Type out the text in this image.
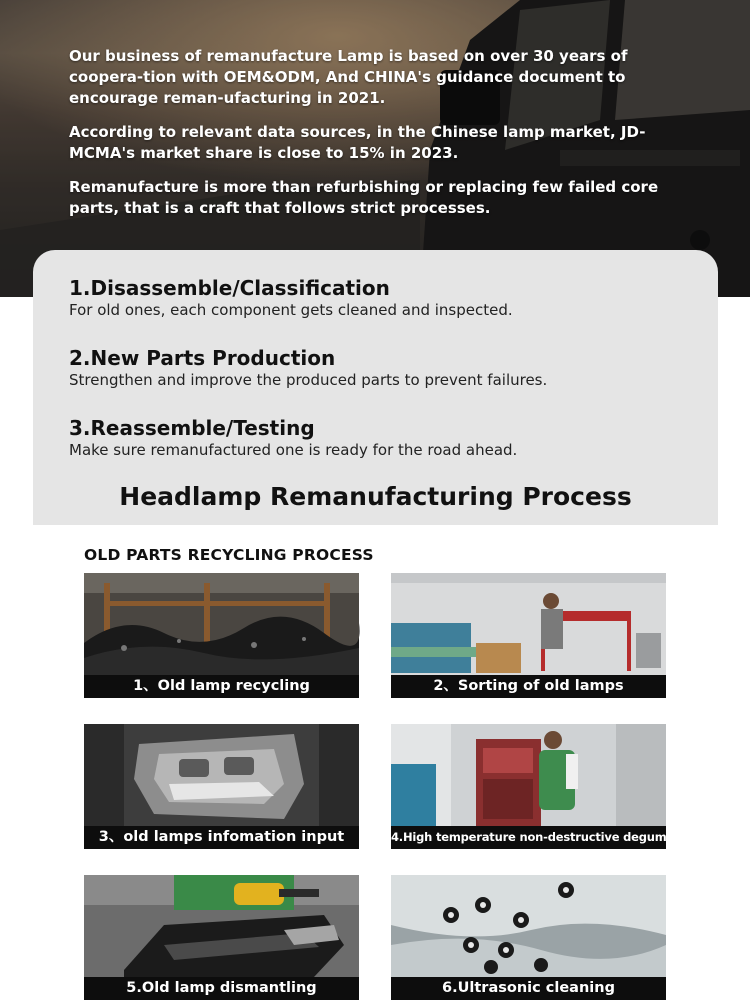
Our business of remanufacture Lamp is based on over 30 years of coopera-tion with OEM&ODM, And CHINA's guidance document to encourage reman-ufacturing in 2021.

According to relevant data sources, in the Chinese lamp market, JD-MCMA's market share is close to 15% in 2023.

Remanufacture is more than refurbishing or replacing few failed core parts, that is a craft that follows strict processes.

1.Disassemble/Classification

For old ones, each component gets cleaned and inspected.

2.New Parts Production

Strengthen and improve the produced parts to prevent failures.

3.Reassemble/Testing

Make sure remanufactured one is ready for the road ahead.

Headlamp Remanufacturing Process
OLD PARTS RECYCLING PROCESS
1、Old lamp recycling	2、Sorting of old lamps
3、old lamps infomation input	4.High temperature non-destructive degumming
5.Old lamp dismantling	6.Ultrasonic cleaning
